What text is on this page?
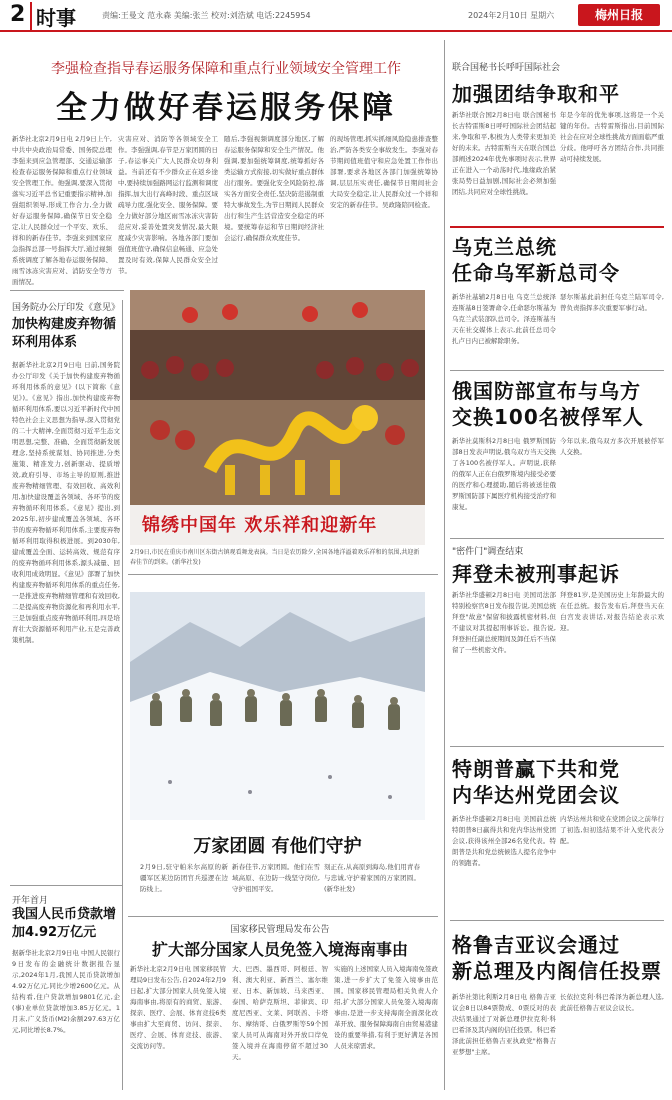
2 时事	责编:王曼文 范永森 美编:张兰 校对:刘浩斌 电话:2245954	2024年2月10日 星期六	梅州日报
李强检查指导春运服务保障和重点行业领域安全管理工作
全力做好春运服务保障
新华社北京2月9日电 2月9日上午,中共中央政治局常委、国务院总理李强来到应急管理部、交通运输部检查春运服务保障和重点行业领域安全管理工作。他强调,要深入贯彻落实习近平总书记重要指示精神,加强组织领导,形成工作合力,全力做好春运服务保障,确保节日安全稳定,让人民群众过一个平安、欢乐、祥和的新春佳节。李强来到国家应急指挥总部一号指挥大厅,通过视频系统调度了解各地春运服务保障、雨雪冰冻灾害应对、消防安全等方面情况。
灾害应对、消防等各领域安全工作。李强强调,春节是万家团圆的日子,春运事关广大人民群众切身利益。当前还有不少群众正在返乡途中,要持续加强路网运行监测和调度指挥,加大出行高峰时段、重点区域疏导力度,强化安全、服务保障。要全力做好部分地区雨雪冰冻灾害防范应对,妥善处置突发情况,最大限度减少灾害影响。各地各部门要加强值班值守,确保信息畅通、应急处置及时有效,保障人民群众安全过节。
随后,李强视频调度部分地区,了解春运服务保障和安全生产情况。他强调,要加强统筹调度,统筹抓好各类运输方式衔接,切实做好重点群体出行服务。要强化安全风险防控,落实各方面安全责任,坚决防范遏制重特大事故发生,为节日期间人民群众出行和生产生活营造安全稳定的环境。要统筹春运和节日期间经济社会运行,确保群众欢度佳节。
的现场管理,抓实抓细风险隐患排查整治,严防各类安全事故发生。李强对春节期间值班值守和应急处置工作作出部署,要求各地区各部门加强统筹协调,层层压实责任,确保节日期间社会大局安全稳定,让人民群众过一个祥和安定的新春佳节。吴政隆陪同检查。
国务院办公厅印发《意见》
加快构建废弃物循环利用体系
据新华社北京2月9日电 日前,国务院办公厅印发《关于加快构建废弃物循环利用体系的意见》(以下简称《意见》)。《意见》指出,加快构建废弃物循环利用体系,要以习近平新时代中国特色社会主义思想为指导,深入贯彻党的二十大精神,全面贯彻习近平生态文明思想,完整、准确、全面贯彻新发展理念,坚持系统谋划、协同推进,分类施策、精准发力,创新驱动、提质增效,政府引导、市场主导的原则,推进废弃物精细管理、有效回收、高效利用,加快建设覆盖各领域、各环节的废弃物循环利用体系。《意见》提出,到2025年,初步建成覆盖各领域、各环节的废弃物循环利用体系,主要废弃物循环利用取得积极进展。到2030年,建成覆盖全面、运转高效、规范有序的废弃物循环利用体系,源头减量、回收利用成效明显。《意见》部署了加快构建废弃物循环利用体系的重点任务,一是推进废弃物精细管理和有效回收,二是提高废弃物资源化和再利用水平,三是加强重点废弃物循环利用,四是培育壮大资源循环利用产业,五是完善政策机制。
开年首月
我国人民币贷款增加4.92万亿元
据新华社北京2月9日电 中国人民银行9日发布的金融统计数据报告显示,2024年1月,我国人民币贷款增加4.92万亿元,同比少增2600亿元。从结构看,住户贷款增加9801亿元,企(事)业单位贷款增加3.85万亿元。1月末,广义货币(M2)余额297.63万亿元,同比增长8.7%。
锦绣中国年 欢乐祥和迎新年
2月9日,市民在重庆市南川区东街古镇观看舞龙表演。当日是农历除夕,全国各地洋溢着欢乐祥和的氛围,共迎新春佳节的到来。(新华社发)
万家团圆 有他们守护
2月9日,驻守帕米尔高原的新疆军区某边防团官兵巡逻在边防线上。
新春佳节,万家团圆。他们在雪域高原、在边防一线坚守岗位,守护祖国平安。
刻正在,从高原到海岛,他们用青春与忠诚,守护着家国的万家团圆。(新华社发)
国家移民管理局发布公告
扩大部分国家人员免签入境海南事由
新华社北京2月9日电 国家移民管理局9日发布公告,自2024年2月9日起,扩大部分国家人员免签入境海南事由,将原有的商贸、旅游、探亲、医疗、会展、体育竞技6类事由扩大至商贸、访问、探亲、医疗、会展、体育竞技、旅游、交流访问等。
大、巴西、墨西哥、阿根廷、智利、澳大利亚、新西兰、塞尔维亚、日本、新加坡、马来西亚、泰国、哈萨克斯坦、菲律宾、印度尼西亚、文莱、阿联酋、卡塔尔、摩纳哥、白俄罗斯等59个国家人员可从海南对外开放口岸免签入境并在海南停留不超过30天。
实施的上述国家人员入境海南免签政策,进一步扩大了免签入境事由范围。国家移民管理局相关负责人介绍,扩大部分国家人员免签入境海南事由,是进一步支持海南全面深化改革开放、服务保障海南自由贸易港建设的重要举措,有利于更好满足各国人员来琼需求。
联合国秘书长呼吁国际社会
加强团结争取和平
新华社联合国2月8日电 联合国秘书长古特雷斯8日呼吁国际社会团结起来,争取和平,积极为人类带来更加美好的未来。古特雷斯当天在联合国总部阐述2024年优先事项时表示,世界正在进入一个动荡时代,地缘政治紧张局势日益加剧,国际社会必须加强团结,共同应对全球性挑战。
年是今年的优先事项,这将是一个关键的年份。古特雷斯指出,目前国际社会在应对全球性挑战方面面临严重分歧。他呼吁各方团结合作,共同推动可持续发展。
乌克兰总统
任命乌军新总司令
新华社基辅2月8日电 乌克兰总统泽连斯基8日签署命令,任命瑟尔斯基为乌克兰武装部队总司令。泽连斯基当天在社交媒体上表示,此前任总司令扎卢日内已被解除职务。
瑟尔斯基此前担任乌克兰陆军司令,曾负责指挥多次重要军事行动。
俄国防部宣布与乌方
交换100名被俘军人
新华社莫斯科2月8日电 俄罗斯国防部8日发表声明说,俄乌双方当天交换了各100名被俘军人。声明说,获释的俄军人正在白俄罗斯境内接受必要的医疗和心理援助,随后将被送往俄罗斯国防部下属医疗机构接受治疗和康复。
今年以来,俄乌双方多次开展被俘军人交换。
"密件门"调查结束
拜登未被刑事起诉
新华社华盛顿2月8日电 美国司法部特别检察官8日发布报告说,美国总统拜登"故意"保留和披露机密材料,但不建议对其提起刑事诉讼。报告说,拜登担任副总统期间及卸任后不当保留了一些机密文件。
拜登81岁,是美国历史上年龄最大的在任总统。报告发布后,拜登当天在白宫发表讲话,对报告结论表示欢迎。
特朗普赢下共和党
内华达州党团会议
新华社华盛顿2月8日电 美国前总统特朗普8日赢得共和党内华达州党团会议,获得该州全部26名党代表。特朗普是共和党总统候选人提名竞争中的领跑者。
内华达州共和党在党团会议之前举行了初选,但初选结果不计入党代表分配。
格鲁吉亚议会通过
新总理及内阁信任投票
新华社第比利斯2月8日电 格鲁吉亚议会8日以84票赞成、0票反对的表决结果通过了对新总理伊拉克利·科巴希泽及其内阁的信任投票。科巴希泽此前担任格鲁吉亚执政党"格鲁吉亚梦想"主席。
长依拉克利·科巴希泽为新总理人选,此前任格鲁吉亚议会议长。
